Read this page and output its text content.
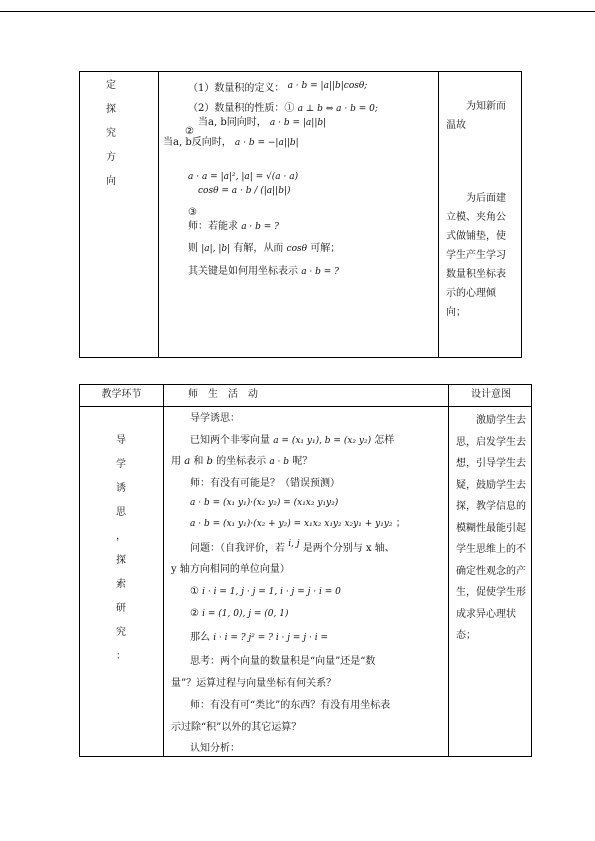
定
探
究
方
向
（1）数量积的定义： a · b = |a||b|cosθ;
（2）数量积的性质：① a ⊥ b ⇔ a · b = 0;
当a, b同向时， a · b = |a||b|
②
当a, b反向时， a · b = −|a||b|
a · a = |a|², |a| = √(a · a)
cosθ = a · b / (|a||b|)
③
师：若能求 a · b = ?
则 |a|, |b| 有解，从而 cosθ 可解；
其关键是如何用坐标表示 a · b = ?
为知新而温故
为后面建立模、夹角公式做铺垫，使学生产生学习数量积坐标表示的心理倾向；
教学环节	师　生　活　动	设计意图
导
学
诱
思
，
探
索
研
究
：
导学诱思：
已知两个非零向量 a = (x₁ y₁), b = (x₂ y₂) 怎样
用 a 和 b 的坐标表示 a · b 呢？
师：有没有可能是？（错误预测）
a · b = (x₁ y₁)·(x₂ y₂) = (x₁x₂ y₁y₂)
a · b = (x₁ y₁)·(x₂ + y₂) = x₁x₂ x₁y₂ x₂y₁ + y₁y₂ ；
问题：（自我评价，若 i, j 是两个分别与 x 轴、
y 轴方向相同的单位向量）
① i · i = 1, j · j = 1, i · j = j · i = 0
② i = (1, 0), j = (0, 1)
那么 i · i = ? j² = ? i · j = j · i =
思考：两个向量的数量积是“向量”还是“数
量”？运算过程与向量坐标有何关系？
师：有没有可“类比”的东西？有没有用坐标表
示过除“积”以外的其它运算？
认知分析：
激励学生去思，启发学生去想，引导学生去疑，鼓励学生去探，教学信息的模糊性最能引起学生思维上的不确定性观念的产生，促使学生形成求异心理状态；
